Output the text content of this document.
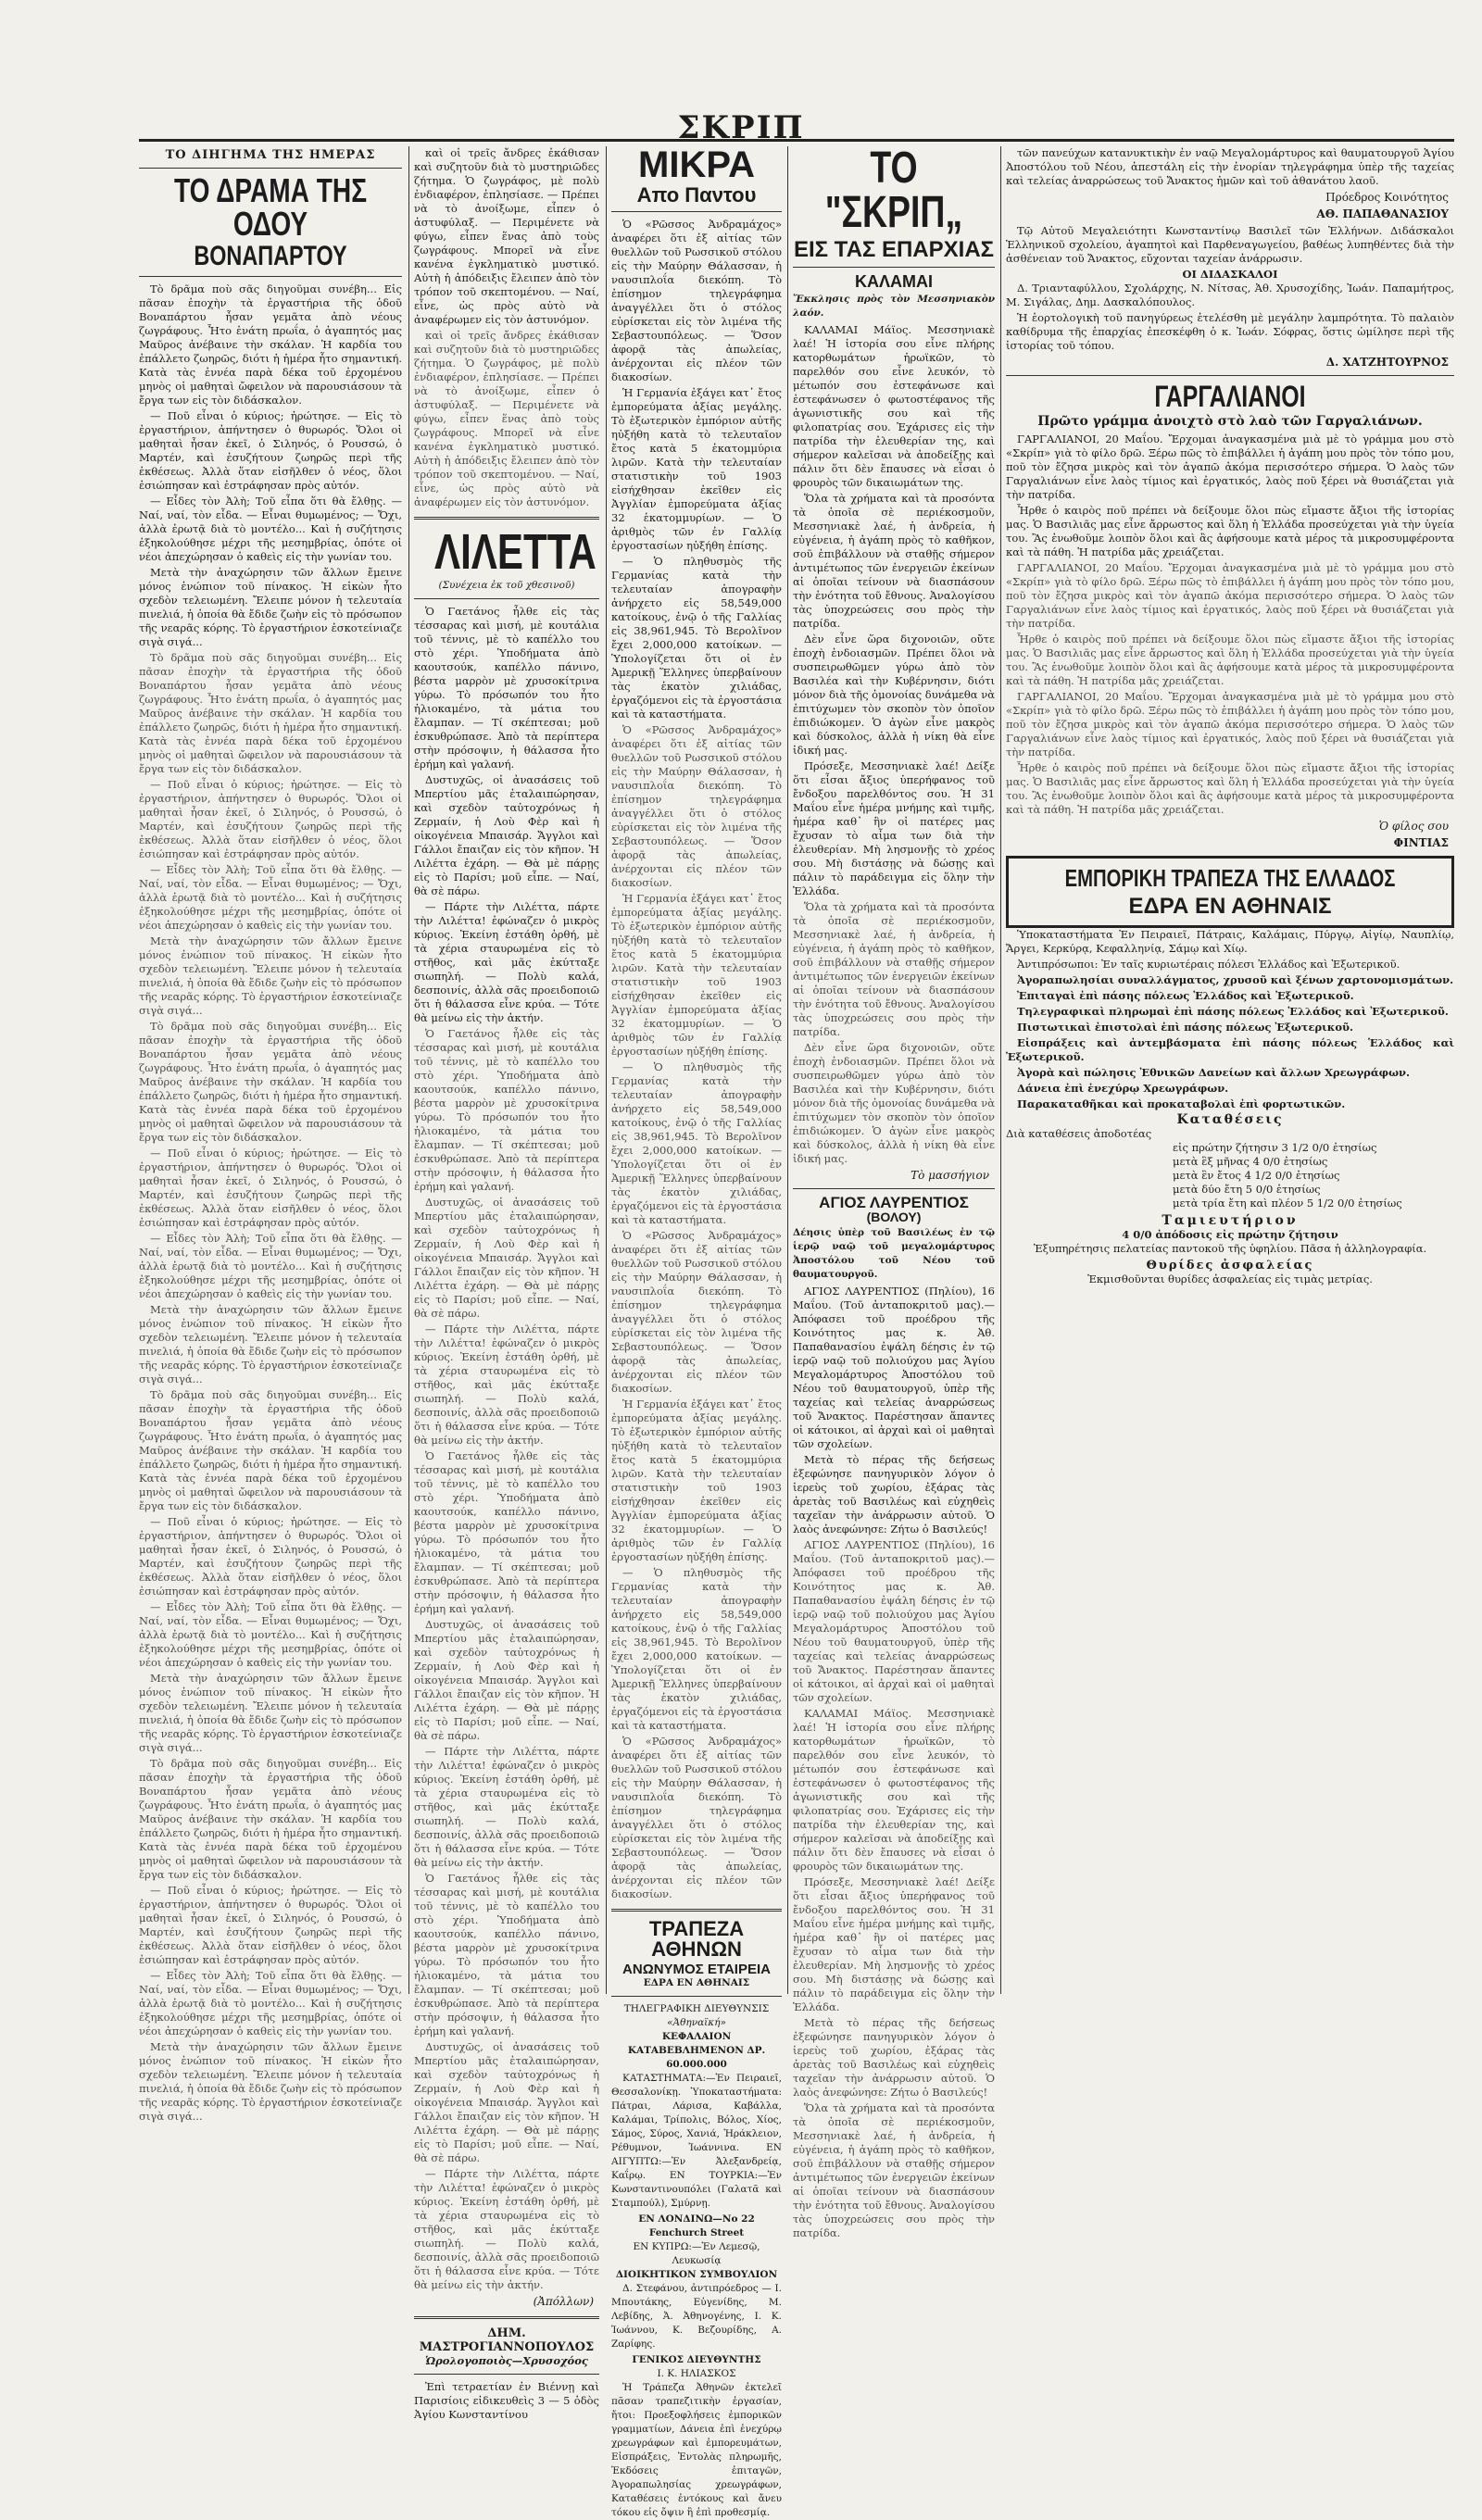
ΣΚΡΙΠ
ΤΟ ΔΙΗΓΗΜΑ ΤΗΣ ΗΜΕΡΑΣ
ΤΟ ΔΡΑΜΑ ΤΗΣ ΟΔΟΥ
ΒΟΝΑΠΑΡΤΟΥ

Τὸ δρᾶμα ποὺ σᾶς διηγοῦμαι συνέβη... Εἰς πᾶσαν ἐποχὴν τὰ ἐργαστήρια τῆς ὁδοῦ Βοναπάρτου ἦσαν γεμᾶτα ἀπὸ νέους ζωγράφους. Ἦτο ἑνάτη πρωΐα, ὁ ἀγαπητός μας Μαῦρος ἀνέβαινε τὴν σκάλαν. Ἡ καρδία του ἐπάλλετο ζωηρῶς, διότι ἡ ἡμέρα ἦτο σημαντική. Κατὰ τὰς ἐννέα παρὰ δέκα τοῦ ἐρχομένου μηνὸς οἱ μαθηταὶ ὤφειλον νὰ παρουσιάσουν τὰ ἔργα των εἰς τὸν διδάσκαλον.

— Ποῦ εἶναι ὁ κύριος; ἠρώτησε. — Εἰς τὸ ἐργαστήριον, ἀπήντησεν ὁ θυρωρός. Ὅλοι οἱ μαθηταὶ ἦσαν ἐκεῖ, ὁ Σιληνός, ὁ Ρουσσώ, ὁ Μαρτέν, καὶ ἐσυζήτουν ζωηρῶς περὶ τῆς ἐκθέσεως. Ἀλλὰ ὅταν εἰσῆλθεν ὁ νέος, ὅλοι ἐσιώπησαν καὶ ἐστράφησαν πρὸς αὐτόν.

— Εἶδες τὸν Ἀλὴ; Τοῦ εἶπα ὅτι θὰ ἔλθῃς. — Ναί, ναί, τὸν εἶδα. — Εἶναι θυμωμένος; — Ὄχι, ἀλλὰ ἐρωτᾷ διὰ τὸ μοντέλο... Καὶ ἡ συζήτησις ἐξηκολούθησε μέχρι τῆς μεσημβρίας, ὁπότε οἱ νέοι ἀπεχώρησαν ὁ καθεὶς εἰς τὴν γωνίαν του.

Μετὰ τὴν ἀναχώρησιν τῶν ἄλλων ἔμεινε μόνος ἐνώπιον τοῦ πίνακος. Ἡ εἰκὼν ἦτο σχεδὸν τελειωμένη. Ἔλειπε μόνον ἡ τελευταία πινελιά, ἡ ὁποία θὰ ἔδιδε ζωὴν εἰς τὸ πρόσωπον τῆς νεαρᾶς κόρης. Τὸ ἐργαστήριον ἐσκοτείνιαζε σιγὰ σιγά...

Τὸ δρᾶμα ποὺ σᾶς διηγοῦμαι συνέβη... Εἰς πᾶσαν ἐποχὴν τὰ ἐργαστήρια τῆς ὁδοῦ Βοναπάρτου ἦσαν γεμᾶτα ἀπὸ νέους ζωγράφους. Ἦτο ἑνάτη πρωΐα, ὁ ἀγαπητός μας Μαῦρος ἀνέβαινε τὴν σκάλαν. Ἡ καρδία του ἐπάλλετο ζωηρῶς, διότι ἡ ἡμέρα ἦτο σημαντική. Κατὰ τὰς ἐννέα παρὰ δέκα τοῦ ἐρχομένου μηνὸς οἱ μαθηταὶ ὤφειλον νὰ παρουσιάσουν τὰ ἔργα των εἰς τὸν διδάσκαλον.

— Ποῦ εἶναι ὁ κύριος; ἠρώτησε. — Εἰς τὸ ἐργαστήριον, ἀπήντησεν ὁ θυρωρός. Ὅλοι οἱ μαθηταὶ ἦσαν ἐκεῖ, ὁ Σιληνός, ὁ Ρουσσώ, ὁ Μαρτέν, καὶ ἐσυζήτουν ζωηρῶς περὶ τῆς ἐκθέσεως. Ἀλλὰ ὅταν εἰσῆλθεν ὁ νέος, ὅλοι ἐσιώπησαν καὶ ἐστράφησαν πρὸς αὐτόν.

— Εἶδες τὸν Ἀλὴ; Τοῦ εἶπα ὅτι θὰ ἔλθῃς. — Ναί, ναί, τὸν εἶδα. — Εἶναι θυμωμένος; — Ὄχι, ἀλλὰ ἐρωτᾷ διὰ τὸ μοντέλο... Καὶ ἡ συζήτησις ἐξηκολούθησε μέχρι τῆς μεσημβρίας, ὁπότε οἱ νέοι ἀπεχώρησαν ὁ καθεὶς εἰς τὴν γωνίαν του.

Μετὰ τὴν ἀναχώρησιν τῶν ἄλλων ἔμεινε μόνος ἐνώπιον τοῦ πίνακος. Ἡ εἰκὼν ἦτο σχεδὸν τελειωμένη. Ἔλειπε μόνον ἡ τελευταία πινελιά, ἡ ὁποία θὰ ἔδιδε ζωὴν εἰς τὸ πρόσωπον τῆς νεαρᾶς κόρης. Τὸ ἐργαστήριον ἐσκοτείνιαζε σιγὰ σιγά...

Τὸ δρᾶμα ποὺ σᾶς διηγοῦμαι συνέβη... Εἰς πᾶσαν ἐποχὴν τὰ ἐργαστήρια τῆς ὁδοῦ Βοναπάρτου ἦσαν γεμᾶτα ἀπὸ νέους ζωγράφους. Ἦτο ἑνάτη πρωΐα, ὁ ἀγαπητός μας Μαῦρος ἀνέβαινε τὴν σκάλαν. Ἡ καρδία του ἐπάλλετο ζωηρῶς, διότι ἡ ἡμέρα ἦτο σημαντική. Κατὰ τὰς ἐννέα παρὰ δέκα τοῦ ἐρχομένου μηνὸς οἱ μαθηταὶ ὤφειλον νὰ παρουσιάσουν τὰ ἔργα των εἰς τὸν διδάσκαλον.

— Ποῦ εἶναι ὁ κύριος; ἠρώτησε. — Εἰς τὸ ἐργαστήριον, ἀπήντησεν ὁ θυρωρός. Ὅλοι οἱ μαθηταὶ ἦσαν ἐκεῖ, ὁ Σιληνός, ὁ Ρουσσώ, ὁ Μαρτέν, καὶ ἐσυζήτουν ζωηρῶς περὶ τῆς ἐκθέσεως. Ἀλλὰ ὅταν εἰσῆλθεν ὁ νέος, ὅλοι ἐσιώπησαν καὶ ἐστράφησαν πρὸς αὐτόν.

— Εἶδες τὸν Ἀλὴ; Τοῦ εἶπα ὅτι θὰ ἔλθῃς. — Ναί, ναί, τὸν εἶδα. — Εἶναι θυμωμένος; — Ὄχι, ἀλλὰ ἐρωτᾷ διὰ τὸ μοντέλο... Καὶ ἡ συζήτησις ἐξηκολούθησε μέχρι τῆς μεσημβρίας, ὁπότε οἱ νέοι ἀπεχώρησαν ὁ καθεὶς εἰς τὴν γωνίαν του.

Μετὰ τὴν ἀναχώρησιν τῶν ἄλλων ἔμεινε μόνος ἐνώπιον τοῦ πίνακος. Ἡ εἰκὼν ἦτο σχεδὸν τελειωμένη. Ἔλειπε μόνον ἡ τελευταία πινελιά, ἡ ὁποία θὰ ἔδιδε ζωὴν εἰς τὸ πρόσωπον τῆς νεαρᾶς κόρης. Τὸ ἐργαστήριον ἐσκοτείνιαζε σιγὰ σιγά...

Τὸ δρᾶμα ποὺ σᾶς διηγοῦμαι συνέβη... Εἰς πᾶσαν ἐποχὴν τὰ ἐργαστήρια τῆς ὁδοῦ Βοναπάρτου ἦσαν γεμᾶτα ἀπὸ νέους ζωγράφους. Ἦτο ἑνάτη πρωΐα, ὁ ἀγαπητός μας Μαῦρος ἀνέβαινε τὴν σκάλαν. Ἡ καρδία του ἐπάλλετο ζωηρῶς, διότι ἡ ἡμέρα ἦτο σημαντική. Κατὰ τὰς ἐννέα παρὰ δέκα τοῦ ἐρχομένου μηνὸς οἱ μαθηταὶ ὤφειλον νὰ παρουσιάσουν τὰ ἔργα των εἰς τὸν διδάσκαλον.

— Ποῦ εἶναι ὁ κύριος; ἠρώτησε. — Εἰς τὸ ἐργαστήριον, ἀπήντησεν ὁ θυρωρός. Ὅλοι οἱ μαθηταὶ ἦσαν ἐκεῖ, ὁ Σιληνός, ὁ Ρουσσώ, ὁ Μαρτέν, καὶ ἐσυζήτουν ζωηρῶς περὶ τῆς ἐκθέσεως. Ἀλλὰ ὅταν εἰσῆλθεν ὁ νέος, ὅλοι ἐσιώπησαν καὶ ἐστράφησαν πρὸς αὐτόν.

— Εἶδες τὸν Ἀλὴ; Τοῦ εἶπα ὅτι θὰ ἔλθῃς. — Ναί, ναί, τὸν εἶδα. — Εἶναι θυμωμένος; — Ὄχι, ἀλλὰ ἐρωτᾷ διὰ τὸ μοντέλο... Καὶ ἡ συζήτησις ἐξηκολούθησε μέχρι τῆς μεσημβρίας, ὁπότε οἱ νέοι ἀπεχώρησαν ὁ καθεὶς εἰς τὴν γωνίαν του.

Μετὰ τὴν ἀναχώρησιν τῶν ἄλλων ἔμεινε μόνος ἐνώπιον τοῦ πίνακος. Ἡ εἰκὼν ἦτο σχεδὸν τελειωμένη. Ἔλειπε μόνον ἡ τελευταία πινελιά, ἡ ὁποία θὰ ἔδιδε ζωὴν εἰς τὸ πρόσωπον τῆς νεαρᾶς κόρης. Τὸ ἐργαστήριον ἐσκοτείνιαζε σιγὰ σιγά...

Τὸ δρᾶμα ποὺ σᾶς διηγοῦμαι συνέβη... Εἰς πᾶσαν ἐποχὴν τὰ ἐργαστήρια τῆς ὁδοῦ Βοναπάρτου ἦσαν γεμᾶτα ἀπὸ νέους ζωγράφους. Ἦτο ἑνάτη πρωΐα, ὁ ἀγαπητός μας Μαῦρος ἀνέβαινε τὴν σκάλαν. Ἡ καρδία του ἐπάλλετο ζωηρῶς, διότι ἡ ἡμέρα ἦτο σημαντική. Κατὰ τὰς ἐννέα παρὰ δέκα τοῦ ἐρχομένου μηνὸς οἱ μαθηταὶ ὤφειλον νὰ παρουσιάσουν τὰ ἔργα των εἰς τὸν διδάσκαλον.

— Ποῦ εἶναι ὁ κύριος; ἠρώτησε. — Εἰς τὸ ἐργαστήριον, ἀπήντησεν ὁ θυρωρός. Ὅλοι οἱ μαθηταὶ ἦσαν ἐκεῖ, ὁ Σιληνός, ὁ Ρουσσώ, ὁ Μαρτέν, καὶ ἐσυζήτουν ζωηρῶς περὶ τῆς ἐκθέσεως. Ἀλλὰ ὅταν εἰσῆλθεν ὁ νέος, ὅλοι ἐσιώπησαν καὶ ἐστράφησαν πρὸς αὐτόν.

— Εἶδες τὸν Ἀλὴ; Τοῦ εἶπα ὅτι θὰ ἔλθῃς. — Ναί, ναί, τὸν εἶδα. — Εἶναι θυμωμένος; — Ὄχι, ἀλλὰ ἐρωτᾷ διὰ τὸ μοντέλο... Καὶ ἡ συζήτησις ἐξηκολούθησε μέχρι τῆς μεσημβρίας, ὁπότε οἱ νέοι ἀπεχώρησαν ὁ καθεὶς εἰς τὴν γωνίαν του.

Μετὰ τὴν ἀναχώρησιν τῶν ἄλλων ἔμεινε μόνος ἐνώπιον τοῦ πίνακος. Ἡ εἰκὼν ἦτο σχεδὸν τελειωμένη. Ἔλειπε μόνον ἡ τελευταία πινελιά, ἡ ὁποία θὰ ἔδιδε ζωὴν εἰς τὸ πρόσωπον τῆς νεαρᾶς κόρης. Τὸ ἐργαστήριον ἐσκοτείνιαζε σιγὰ σιγά...

καὶ οἱ τρεῖς ἄνδρες ἐκάθισαν καὶ συζητοῦν διὰ τὸ μυστηριῶδες ζήτημα. Ὁ ζωγράφος, μὲ πολὺ ἐνδιαφέρον, ἐπλησίασε. — Πρέπει νὰ τὸ ἀνοίξωμε, εἶπεν ὁ ἀστυφύλαξ. — Περιμένετε νὰ φύγω, εἶπεν ἕνας ἀπὸ τοὺς ζωγράφους. Μπορεῖ νὰ εἶνε κανένα ἐγκληματικὸ μυστικό. Αὐτὴ ἡ ἀπόδειξις ἔλειπεν ἀπὸ τὸν τρόπον τοῦ σκεπτομένου. — Ναί, εἶνε, ὡς πρὸς αὐτὸ νὰ ἀναφέρωμεν εἰς τὸν ἀστυνόμον.

καὶ οἱ τρεῖς ἄνδρες ἐκάθισαν καὶ συζητοῦν διὰ τὸ μυστηριῶδες ζήτημα. Ὁ ζωγράφος, μὲ πολὺ ἐνδιαφέρον, ἐπλησίασε. — Πρέπει νὰ τὸ ἀνοίξωμε, εἶπεν ὁ ἀστυφύλαξ. — Περιμένετε νὰ φύγω, εἶπεν ἕνας ἀπὸ τοὺς ζωγράφους. Μπορεῖ νὰ εἶνε κανένα ἐγκληματικὸ μυστικό. Αὐτὴ ἡ ἀπόδειξις ἔλειπεν ἀπὸ τὸν τρόπον τοῦ σκεπτομένου. — Ναί, εἶνε, ὡς πρὸς αὐτὸ νὰ ἀναφέρωμεν εἰς τὸν ἀστυνόμον.

ΛΙΛΕΤΤΑ
(Συνέχεια ἐκ τοῦ χθεσινοῦ)

Ὁ Γαετάνος ἦλθε εἰς τὰς τέσσαρας καὶ μισή, μὲ κουτάλια τοῦ τέννις, μὲ τὸ καπέλλο του στὸ χέρι. Ὑποδήματα ἀπὸ καουτσούκ, καπέλλο πάνινο, βέστα μαρρὸν μὲ χρυσοκίτρινα γύρω. Τὸ πρόσωπόν του ἦτο ἡλιοκαμένο, τὰ μάτια του ἔλαμπαν. — Τί σκέπτεσαι; μοῦ ἐσκυθρώπασε. Ἀπὸ τὰ περίπτερα στὴν πρόσοψιν, ἡ θάλασσα ἦτο ἐρήμη καὶ γαλανή.

Δυστυχῶς, οἱ ἀνασάσεις τοῦ Μπερτίου μᾶς ἐταλαιπώρησαν, καὶ σχεδὸν ταὐτοχρόνως ἡ Ζερμαίν, ἡ Λοὺ Φὲρ καὶ ἡ οἰκογένεια Μπαισάρ. Ἄγγλοι καὶ Γάλλοι ἔπαιζαν εἰς τὸν κῆπον. Ἡ Λιλέττα ἐχάρη. — Θὰ μὲ πάρῃς εἰς τὸ Παρίσι; μοῦ εἶπε. — Ναί, θὰ σὲ πάρω.

— Πάρτε τὴν Λιλέττα, πάρτε τὴν Λιλέττα! ἐφώναζεν ὁ μικρὸς κύριος. Ἐκείνη ἐστάθη ὀρθή, μὲ τὰ χέρια σταυρωμένα εἰς τὸ στῆθος, καὶ μᾶς ἐκύτταξε σιωπηλή. — Πολὺ καλά, δεσποινίς, ἀλλὰ σᾶς προειδοποιῶ ὅτι ἡ θάλασσα εἶνε κρύα. — Τότε θὰ μείνω εἰς τὴν ἀκτήν.

Ὁ Γαετάνος ἦλθε εἰς τὰς τέσσαρας καὶ μισή, μὲ κουτάλια τοῦ τέννις, μὲ τὸ καπέλλο του στὸ χέρι. Ὑποδήματα ἀπὸ καουτσούκ, καπέλλο πάνινο, βέστα μαρρὸν μὲ χρυσοκίτρινα γύρω. Τὸ πρόσωπόν του ἦτο ἡλιοκαμένο, τὰ μάτια του ἔλαμπαν. — Τί σκέπτεσαι; μοῦ ἐσκυθρώπασε. Ἀπὸ τὰ περίπτερα στὴν πρόσοψιν, ἡ θάλασσα ἦτο ἐρήμη καὶ γαλανή.

Δυστυχῶς, οἱ ἀνασάσεις τοῦ Μπερτίου μᾶς ἐταλαιπώρησαν, καὶ σχεδὸν ταὐτοχρόνως ἡ Ζερμαίν, ἡ Λοὺ Φὲρ καὶ ἡ οἰκογένεια Μπαισάρ. Ἄγγλοι καὶ Γάλλοι ἔπαιζαν εἰς τὸν κῆπον. Ἡ Λιλέττα ἐχάρη. — Θὰ μὲ πάρῃς εἰς τὸ Παρίσι; μοῦ εἶπε. — Ναί, θὰ σὲ πάρω.

— Πάρτε τὴν Λιλέττα, πάρτε τὴν Λιλέττα! ἐφώναζεν ὁ μικρὸς κύριος. Ἐκείνη ἐστάθη ὀρθή, μὲ τὰ χέρια σταυρωμένα εἰς τὸ στῆθος, καὶ μᾶς ἐκύτταξε σιωπηλή. — Πολὺ καλά, δεσποινίς, ἀλλὰ σᾶς προειδοποιῶ ὅτι ἡ θάλασσα εἶνε κρύα. — Τότε θὰ μείνω εἰς τὴν ἀκτήν.

Ὁ Γαετάνος ἦλθε εἰς τὰς τέσσαρας καὶ μισή, μὲ κουτάλια τοῦ τέννις, μὲ τὸ καπέλλο του στὸ χέρι. Ὑποδήματα ἀπὸ καουτσούκ, καπέλλο πάνινο, βέστα μαρρὸν μὲ χρυσοκίτρινα γύρω. Τὸ πρόσωπόν του ἦτο ἡλιοκαμένο, τὰ μάτια του ἔλαμπαν. — Τί σκέπτεσαι; μοῦ ἐσκυθρώπασε. Ἀπὸ τὰ περίπτερα στὴν πρόσοψιν, ἡ θάλασσα ἦτο ἐρήμη καὶ γαλανή.

Δυστυχῶς, οἱ ἀνασάσεις τοῦ Μπερτίου μᾶς ἐταλαιπώρησαν, καὶ σχεδὸν ταὐτοχρόνως ἡ Ζερμαίν, ἡ Λοὺ Φὲρ καὶ ἡ οἰκογένεια Μπαισάρ. Ἄγγλοι καὶ Γάλλοι ἔπαιζαν εἰς τὸν κῆπον. Ἡ Λιλέττα ἐχάρη. — Θὰ μὲ πάρῃς εἰς τὸ Παρίσι; μοῦ εἶπε. — Ναί, θὰ σὲ πάρω.

— Πάρτε τὴν Λιλέττα, πάρτε τὴν Λιλέττα! ἐφώναζεν ὁ μικρὸς κύριος. Ἐκείνη ἐστάθη ὀρθή, μὲ τὰ χέρια σταυρωμένα εἰς τὸ στῆθος, καὶ μᾶς ἐκύτταξε σιωπηλή. — Πολὺ καλά, δεσποινίς, ἀλλὰ σᾶς προειδοποιῶ ὅτι ἡ θάλασσα εἶνε κρύα. — Τότε θὰ μείνω εἰς τὴν ἀκτήν.

Ὁ Γαετάνος ἦλθε εἰς τὰς τέσσαρας καὶ μισή, μὲ κουτάλια τοῦ τέννις, μὲ τὸ καπέλλο του στὸ χέρι. Ὑποδήματα ἀπὸ καουτσούκ, καπέλλο πάνινο, βέστα μαρρὸν μὲ χρυσοκίτρινα γύρω. Τὸ πρόσωπόν του ἦτο ἡλιοκαμένο, τὰ μάτια του ἔλαμπαν. — Τί σκέπτεσαι; μοῦ ἐσκυθρώπασε. Ἀπὸ τὰ περίπτερα στὴν πρόσοψιν, ἡ θάλασσα ἦτο ἐρήμη καὶ γαλανή.

Δυστυχῶς, οἱ ἀνασάσεις τοῦ Μπερτίου μᾶς ἐταλαιπώρησαν, καὶ σχεδὸν ταὐτοχρόνως ἡ Ζερμαίν, ἡ Λοὺ Φὲρ καὶ ἡ οἰκογένεια Μπαισάρ. Ἄγγλοι καὶ Γάλλοι ἔπαιζαν εἰς τὸν κῆπον. Ἡ Λιλέττα ἐχάρη. — Θὰ μὲ πάρῃς εἰς τὸ Παρίσι; μοῦ εἶπε. — Ναί, θὰ σὲ πάρω.

— Πάρτε τὴν Λιλέττα, πάρτε τὴν Λιλέττα! ἐφώναζεν ὁ μικρὸς κύριος. Ἐκείνη ἐστάθη ὀρθή, μὲ τὰ χέρια σταυρωμένα εἰς τὸ στῆθος, καὶ μᾶς ἐκύτταξε σιωπηλή. — Πολὺ καλά, δεσποινίς, ἀλλὰ σᾶς προειδοποιῶ ὅτι ἡ θάλασσα εἶνε κρύα. — Τότε θὰ μείνω εἰς τὴν ἀκτήν.

(Ἀπόλλων)
ΔΗΜ. ΜΑΣΤΡΟΓΙΑΝΝΟΠΟΥΛΟΣ
Ὡρολογοποιὸς—Χρυσοχόος

Ἐπὶ τετραετίαν ἐν Βιέννῃ καὶ Παρισίοις εἰδικευθεὶς 3 — 5 ὁδὸς Ἀγίου Κωνσταντίνου

ΜΙΚΡΑ
Απο Παντου

Ὁ «Ρῶσσος Ἀνδραμάχος» ἀναφέρει ὅτι ἐξ αἰτίας τῶν θυελλῶν τοῦ Ρωσσικοῦ στόλου εἰς τὴν Μαύρην Θάλασσαν, ἡ ναυσιπλοΐα διεκόπη. Τὸ ἐπίσημον τηλεγράφημα ἀναγγέλλει ὅτι ὁ στόλος εὑρίσκεται εἰς τὸν λιμένα τῆς Σεβαστουπόλεως. — Ὅσον ἀφορᾷ τὰς ἀπωλείας, ἀνέρχονται εἰς πλέον τῶν διακοσίων.

Ἡ Γερμανία ἐξάγει κατ᾽ ἔτος ἐμπορεύματα ἀξίας μεγάλης. Τὸ ἐξωτερικὸν ἐμπόριον αὐτῆς ηὐξήθη κατὰ τὸ τελευταῖον ἔτος κατὰ 5 ἑκατομμύρια λιρῶν. Κατὰ τὴν τελευταίαν στατιστικὴν τοῦ 1903 εἰσήχθησαν ἐκεῖθεν εἰς Ἀγγλίαν ἐμπορεύματα ἀξίας 32 ἑκατομμυρίων. — Ὁ ἀριθμὸς τῶν ἐν Γαλλίᾳ ἐργοστασίων ηὐξήθη ἐπίσης.

— Ὁ πληθυσμὸς τῆς Γερμανίας κατὰ τὴν τελευταίαν ἀπογραφὴν ἀνήρχετο εἰς 58,549,000 κατοίκους, ἐνῷ ὁ τῆς Γαλλίας εἰς 38,961,945. Τὸ Βερολῖνον ἔχει 2,000,000 κατοίκων. — Ὑπολογίζεται ὅτι οἱ ἐν Ἀμερικῇ Ἕλληνες ὑπερβαίνουν τὰς ἑκατὸν χιλιάδας, ἐργαζόμενοι εἰς τὰ ἐργοστάσια καὶ τὰ καταστήματα.

Ὁ «Ρῶσσος Ἀνδραμάχος» ἀναφέρει ὅτι ἐξ αἰτίας τῶν θυελλῶν τοῦ Ρωσσικοῦ στόλου εἰς τὴν Μαύρην Θάλασσαν, ἡ ναυσιπλοΐα διεκόπη. Τὸ ἐπίσημον τηλεγράφημα ἀναγγέλλει ὅτι ὁ στόλος εὑρίσκεται εἰς τὸν λιμένα τῆς Σεβαστουπόλεως. — Ὅσον ἀφορᾷ τὰς ἀπωλείας, ἀνέρχονται εἰς πλέον τῶν διακοσίων.

Ἡ Γερμανία ἐξάγει κατ᾽ ἔτος ἐμπορεύματα ἀξίας μεγάλης. Τὸ ἐξωτερικὸν ἐμπόριον αὐτῆς ηὐξήθη κατὰ τὸ τελευταῖον ἔτος κατὰ 5 ἑκατομμύρια λιρῶν. Κατὰ τὴν τελευταίαν στατιστικὴν τοῦ 1903 εἰσήχθησαν ἐκεῖθεν εἰς Ἀγγλίαν ἐμπορεύματα ἀξίας 32 ἑκατομμυρίων. — Ὁ ἀριθμὸς τῶν ἐν Γαλλίᾳ ἐργοστασίων ηὐξήθη ἐπίσης.

— Ὁ πληθυσμὸς τῆς Γερμανίας κατὰ τὴν τελευταίαν ἀπογραφὴν ἀνήρχετο εἰς 58,549,000 κατοίκους, ἐνῷ ὁ τῆς Γαλλίας εἰς 38,961,945. Τὸ Βερολῖνον ἔχει 2,000,000 κατοίκων. — Ὑπολογίζεται ὅτι οἱ ἐν Ἀμερικῇ Ἕλληνες ὑπερβαίνουν τὰς ἑκατὸν χιλιάδας, ἐργαζόμενοι εἰς τὰ ἐργοστάσια καὶ τὰ καταστήματα.

Ὁ «Ρῶσσος Ἀνδραμάχος» ἀναφέρει ὅτι ἐξ αἰτίας τῶν θυελλῶν τοῦ Ρωσσικοῦ στόλου εἰς τὴν Μαύρην Θάλασσαν, ἡ ναυσιπλοΐα διεκόπη. Τὸ ἐπίσημον τηλεγράφημα ἀναγγέλλει ὅτι ὁ στόλος εὑρίσκεται εἰς τὸν λιμένα τῆς Σεβαστουπόλεως. — Ὅσον ἀφορᾷ τὰς ἀπωλείας, ἀνέρχονται εἰς πλέον τῶν διακοσίων.

Ἡ Γερμανία ἐξάγει κατ᾽ ἔτος ἐμπορεύματα ἀξίας μεγάλης. Τὸ ἐξωτερικὸν ἐμπόριον αὐτῆς ηὐξήθη κατὰ τὸ τελευταῖον ἔτος κατὰ 5 ἑκατομμύρια λιρῶν. Κατὰ τὴν τελευταίαν στατιστικὴν τοῦ 1903 εἰσήχθησαν ἐκεῖθεν εἰς Ἀγγλίαν ἐμπορεύματα ἀξίας 32 ἑκατομμυρίων. — Ὁ ἀριθμὸς τῶν ἐν Γαλλίᾳ ἐργοστασίων ηὐξήθη ἐπίσης.

— Ὁ πληθυσμὸς τῆς Γερμανίας κατὰ τὴν τελευταίαν ἀπογραφὴν ἀνήρχετο εἰς 58,549,000 κατοίκους, ἐνῷ ὁ τῆς Γαλλίας εἰς 38,961,945. Τὸ Βερολῖνον ἔχει 2,000,000 κατοίκων. — Ὑπολογίζεται ὅτι οἱ ἐν Ἀμερικῇ Ἕλληνες ὑπερβαίνουν τὰς ἑκατὸν χιλιάδας, ἐργαζόμενοι εἰς τὰ ἐργοστάσια καὶ τὰ καταστήματα.

Ὁ «Ρῶσσος Ἀνδραμάχος» ἀναφέρει ὅτι ἐξ αἰτίας τῶν θυελλῶν τοῦ Ρωσσικοῦ στόλου εἰς τὴν Μαύρην Θάλασσαν, ἡ ναυσιπλοΐα διεκόπη. Τὸ ἐπίσημον τηλεγράφημα ἀναγγέλλει ὅτι ὁ στόλος εὑρίσκεται εἰς τὸν λιμένα τῆς Σεβαστουπόλεως. — Ὅσον ἀφορᾷ τὰς ἀπωλείας, ἀνέρχονται εἰς πλέον τῶν διακοσίων.

ΤΡΑΠΕΖΑ ΑΘΗΝΩΝ
ΑΝΩΝΥΜΟΣ ΕΤΑΙΡΕΙΑ
ΕΔΡΑ ΕΝ ΑΘΗΝΑΙΣ
ΤΗΛΕΓΡΑΦΙΚΗ ΔΙΕΥΘΥΝΣΙΣ
«Ἀθηναϊκή»
ΚΕΦΑΛΑΙΟΝ ΚΑΤΑΒΕΒΛΗΜΕΝΟΝ ΔΡ. 60.000.000

ΚΑΤΑΣΤΗΜΑΤΑ:—Ἐν Πειραιεῖ, Θεσσαλονίκῃ. Ὑποκαταστήματα: Πάτραι, Λάρισα, Καβάλλα, Καλάμαι, Τρίπολις, Βόλος, Χίος, Σάμος, Σύρος, Χανιά, Ἡράκλειον, Ρέθυμνον, Ἰωάννινα. ΕΝ ΑΙΓΥΠΤΩ:—Ἐν Ἀλεξανδρείᾳ, Καΐρῳ. ΕΝ ΤΟΥΡΚΙΑ:—Ἐν Κωνσταντινουπόλει (Γαλατᾶ καὶ Σταμπούλ), Σμύρνῃ.

ΕΝ ΛΟΝΔΙΝΩ—No 22 Fenchurch Street
ΕΝ ΚΥΠΡΩ:—Ἐν Λεμεσῷ, Λευκωσίᾳ
ΔΙΟΙΚΗΤΙΚΟΝ ΣΥΜΒΟΥΛΙΟΝ

Δ. Στεφάνου, ἀντιπρόεδρος — Ι. Μπουτάκης, Εὐγενίδης, Μ. Λεβίδης, Ἀ. Ἀθηνογένης, Ι. Κ. Ἰωάννου, Κ. Βεζουρίδης, Α. Ζαρίφης.

ΓΕΝΙΚΟΣ ΔΙΕΥΘΥΝΤΗΣ
Ι. Κ. ΗΛΙΑΣΚΟΣ

Ἡ Τράπεζα Ἀθηνῶν ἐκτελεῖ πᾶσαν τραπεζιτικὴν ἐργασίαν, ἤτοι: Προεξοφλήσεις ἐμπορικῶν γραμματίων, Δάνεια ἐπὶ ἐνεχύρῳ χρεωγράφων καὶ ἐμπορευμάτων, Εἰσπράξεις, Ἐντολὰς πληρωμῆς, Ἐκδόσεις ἐπιταγῶν, Ἀγοραπωλησίας χρεωγράφων, Καταθέσεις ἐντόκους καὶ ἄνευ τόκου εἰς ὄψιν ἢ ἐπὶ προθεσμίᾳ.

ΤΟ "ΣΚΡΙΠ„
ΕΙΣ ΤΑΣ ΕΠΑΡΧΙΑΣ
ΚΑΛΑΜΑΙ
Ἔκκλησις πρὸς τὸν Μεσσηνιακὸν λαόν.

ΚΑΛΑΜΑΙ Μάϊος. Μεσσηνιακὲ λαέ! Ἡ ἱστορία σου εἶνε πλήρης κατορθωμάτων ἡρωϊκῶν, τὸ παρελθόν σου εἶνε λευκόν, τὸ μέτωπόν σου ἐστεφάνωσε καὶ ἐστεφάνωσεν ὁ φωτοστέφανος τῆς ἀγωνιστικῆς σου καὶ τῆς φιλοπατρίας σου. Ἐχάρισες εἰς τὴν πατρίδα τὴν ἐλευθερίαν της, καὶ σήμερον καλεῖσαι νὰ ἀποδείξῃς καὶ πάλιν ὅτι δὲν ἔπαυσες νὰ εἶσαι ὁ φρουρὸς τῶν δικαιωμάτων της.

Ὅλα τὰ χρήματα καὶ τὰ προσόντα τὰ ὁποῖα σὲ περιέκοσμοῦν, Μεσσηνιακὲ λαέ, ἡ ἀνδρεία, ἡ εὐγένεια, ἡ ἀγάπη πρὸς τὸ καθῆκον, σοῦ ἐπιβάλλουν νὰ σταθῇς σήμερον ἀντιμέτωπος τῶν ἐνεργειῶν ἐκείνων αἱ ὁποῖαι τείνουν νὰ διασπάσουν τὴν ἑνότητα τοῦ ἔθνους. Ἀναλογίσου τὰς ὑποχρεώσεις σου πρὸς τὴν πατρίδα.

Δὲν εἶνε ὥρα διχονοιῶν, οὔτε ἐποχὴ ἐνδοιασμῶν. Πρέπει ὅλοι νὰ συσπειρωθῶμεν γύρω ἀπὸ τὸν Βασιλέα καὶ τὴν Κυβέρνησιν, διότι μόνον διὰ τῆς ὁμονοίας δυνάμεθα νὰ ἐπιτύχωμεν τὸν σκοπὸν τὸν ὁποῖον ἐπιδιώκομεν. Ὁ ἀγὼν εἶνε μακρὸς καὶ δύσκολος, ἀλλὰ ἡ νίκη θὰ εἶνε ἰδική μας.

Πρόσεξε, Μεσσηνιακὲ λαέ! Δείξε ὅτι εἶσαι ἄξιος ὑπερήφανος τοῦ ἔνδοξου παρελθόντος σου. Ἡ 31 Μαΐου εἶνε ἡμέρα μνήμης καὶ τιμῆς, ἡμέρα καθ᾽ ἣν οἱ πατέρες μας ἔχυσαν τὸ αἷμα των διὰ τὴν ἐλευθερίαν. Μὴ λησμονῇς τὸ χρέος σου. Μὴ διστάσῃς νὰ δώσῃς καὶ πάλιν τὸ παράδειγμα εἰς ὅλην τὴν Ἑλλάδα.

Ὅλα τὰ χρήματα καὶ τὰ προσόντα τὰ ὁποῖα σὲ περιέκοσμοῦν, Μεσσηνιακὲ λαέ, ἡ ἀνδρεία, ἡ εὐγένεια, ἡ ἀγάπη πρὸς τὸ καθῆκον, σοῦ ἐπιβάλλουν νὰ σταθῇς σήμερον ἀντιμέτωπος τῶν ἐνεργειῶν ἐκείνων αἱ ὁποῖαι τείνουν νὰ διασπάσουν τὴν ἑνότητα τοῦ ἔθνους. Ἀναλογίσου τὰς ὑποχρεώσεις σου πρὸς τὴν πατρίδα.

Δὲν εἶνε ὥρα διχονοιῶν, οὔτε ἐποχὴ ἐνδοιασμῶν. Πρέπει ὅλοι νὰ συσπειρωθῶμεν γύρω ἀπὸ τὸν Βασιλέα καὶ τὴν Κυβέρνησιν, διότι μόνον διὰ τῆς ὁμονοίας δυνάμεθα νὰ ἐπιτύχωμεν τὸν σκοπὸν τὸν ὁποῖον ἐπιδιώκομεν. Ὁ ἀγὼν εἶνε μακρὸς καὶ δύσκολος, ἀλλὰ ἡ νίκη θὰ εἶνε ἰδική μας.

Τὸ μασσήγιον
ΑΓΙΟΣ ΛΑΥΡΕΝΤΙΟΣ
(ΒΟΛΟΥ)
Δέησις ὑπὲρ τοῦ Βασιλέως ἐν τῷ ἱερῷ ναῷ τοῦ μεγαλομάρτυρος Ἀποστόλου τοῦ Νέου τοῦ θαυματουργοῦ.

ΑΓΙΟΣ ΛΑΥΡΕΝΤΙΟΣ (Πηλίου), 16 Μαΐου. (Τοῦ ἀνταποκριτοῦ μας).— Ἀπόφασει τοῦ προέδρου τῆς Κοινότητος μας κ. Ἀθ. Παπαθανασίου ἐψάλη δέησις ἐν τῷ ἱερῷ ναῷ τοῦ πολιούχου μας Ἁγίου Μεγαλομάρτυρος Ἀποστόλου τοῦ Νέου τοῦ θαυματουργοῦ, ὑπὲρ τῆς ταχείας καὶ τελείας ἀναρρώσεως τοῦ Ἄνακτος. Παρέστησαν ἅπαντες οἱ κάτοικοι, αἱ ἀρχαὶ καὶ οἱ μαθηταὶ τῶν σχολείων.

Μετὰ τὸ πέρας τῆς δεήσεως ἐξεφώνησε πανηγυρικὸν λόγον ὁ ἱερεὺς τοῦ χωρίου, ἐξάρας τὰς ἀρετὰς τοῦ Βασιλέως καὶ εὐχηθεὶς ταχεῖαν τὴν ἀνάρρωσιν αὐτοῦ. Ὁ λαὸς ἀνεφώνησε: Ζήτω ὁ Βασιλεύς!

ΑΓΙΟΣ ΛΑΥΡΕΝΤΙΟΣ (Πηλίου), 16 Μαΐου. (Τοῦ ἀνταποκριτοῦ μας).— Ἀπόφασει τοῦ προέδρου τῆς Κοινότητος μας κ. Ἀθ. Παπαθανασίου ἐψάλη δέησις ἐν τῷ ἱερῷ ναῷ τοῦ πολιούχου μας Ἁγίου Μεγαλομάρτυρος Ἀποστόλου τοῦ Νέου τοῦ θαυματουργοῦ, ὑπὲρ τῆς ταχείας καὶ τελείας ἀναρρώσεως τοῦ Ἄνακτος. Παρέστησαν ἅπαντες οἱ κάτοικοι, αἱ ἀρχαὶ καὶ οἱ μαθηταὶ τῶν σχολείων.

ΚΑΛΑΜΑΙ Μάϊος. Μεσσηνιακὲ λαέ! Ἡ ἱστορία σου εἶνε πλήρης κατορθωμάτων ἡρωϊκῶν, τὸ παρελθόν σου εἶνε λευκόν, τὸ μέτωπόν σου ἐστεφάνωσε καὶ ἐστεφάνωσεν ὁ φωτοστέφανος τῆς ἀγωνιστικῆς σου καὶ τῆς φιλοπατρίας σου. Ἐχάρισες εἰς τὴν πατρίδα τὴν ἐλευθερίαν της, καὶ σήμερον καλεῖσαι νὰ ἀποδείξῃς καὶ πάλιν ὅτι δὲν ἔπαυσες νὰ εἶσαι ὁ φρουρὸς τῶν δικαιωμάτων της.

Πρόσεξε, Μεσσηνιακὲ λαέ! Δείξε ὅτι εἶσαι ἄξιος ὑπερήφανος τοῦ ἔνδοξου παρελθόντος σου. Ἡ 31 Μαΐου εἶνε ἡμέρα μνήμης καὶ τιμῆς, ἡμέρα καθ᾽ ἣν οἱ πατέρες μας ἔχυσαν τὸ αἷμα των διὰ τὴν ἐλευθερίαν. Μὴ λησμονῇς τὸ χρέος σου. Μὴ διστάσῃς νὰ δώσῃς καὶ πάλιν τὸ παράδειγμα εἰς ὅλην τὴν Ἑλλάδα.

Μετὰ τὸ πέρας τῆς δεήσεως ἐξεφώνησε πανηγυρικὸν λόγον ὁ ἱερεὺς τοῦ χωρίου, ἐξάρας τὰς ἀρετὰς τοῦ Βασιλέως καὶ εὐχηθεὶς ταχεῖαν τὴν ἀνάρρωσιν αὐτοῦ. Ὁ λαὸς ἀνεφώνησε: Ζήτω ὁ Βασιλεύς!

Ὅλα τὰ χρήματα καὶ τὰ προσόντα τὰ ὁποῖα σὲ περιέκοσμοῦν, Μεσσηνιακὲ λαέ, ἡ ἀνδρεία, ἡ εὐγένεια, ἡ ἀγάπη πρὸς τὸ καθῆκον, σοῦ ἐπιβάλλουν νὰ σταθῇς σήμερον ἀντιμέτωπος τῶν ἐνεργειῶν ἐκείνων αἱ ὁποῖαι τείνουν νὰ διασπάσουν τὴν ἑνότητα τοῦ ἔθνους. Ἀναλογίσου τὰς ὑποχρεώσεις σου πρὸς τὴν πατρίδα.

τῶν πανεύχων κατανυκτικὴν ἐν ναῷ Μεγαλομάρτυρος καὶ θαυματουργοῦ Ἁγίου Ἀποστόλου τοῦ Νέου, ἀπεστάλη εἰς τὴν ἐνορίαν τηλεγράφημα ὑπὲρ τῆς ταχείας καὶ τελείας ἀναρρώσεως τοῦ Ἄνακτος ἡμῶν καὶ τοῦ ἀθανάτου λαοῦ.

Πρόεδρος Κοινότητος
ΑΘ. ΠΑΠΑΘΑΝΑΣΙΟΥ

Τῷ Αὐτοῦ Μεγαλειότητι Κωνσταντίνῳ Βασιλεῖ τῶν Ἑλλήνων. Διδάσκαλοι Ἑλληνικοῦ σχολείου, ἀγαπητοὶ καὶ Παρθεναγωγείου, βαθέως λυπηθέντες διὰ τὴν ἀσθένειαν τοῦ Ἄνακτος, εὔχονται ταχείαν ἀνάρρωσιν.

ΟΙ ΔΙΔΑΣΚΑΛΟΙ

Δ. Τριανταφύλλου, Σχολάρχης, Ν. Νίτσας, Ἀθ. Χρυσοχίδης, Ἰωάν. Παπαμήτρος, Μ. Σιγάλας, Δημ. Δασκαλόπουλος.

Ἡ ἑορτολογικὴ τοῦ πανηγύρεως ἐτελέσθη μὲ μεγάλην λαμπρότητα. Τὸ παλαιὸν καθίδρυμα τῆς ἐπαρχίας ἐπεσκέφθη ὁ κ. Ἰωάν. Σόφρας, ὅστις ὡμίλησε περὶ τῆς ἱστορίας τοῦ τόπου.

Δ. ΧΑΤΖΗΤΟΥΡΝΟΣ
ΓΑΡΓΑΛΙΑΝΟΙ
Πρῶτο γράμμα ἀνοιχτὸ στὸ λαὸ τῶν Γαργαλιάνων.

ΓΑΡΓΑΛΙΑΝΟΙ, 20 Μαΐου. Ἔρχομαι ἀναγκασμένα μιὰ μὲ τὸ γράμμα μου στὸ «Σκρίπ» γιὰ τὸ φίλο δρῶ. Ξέρω πῶς τὸ ἐπιβάλλει ἡ ἀγάπη μου πρὸς τὸν τόπο μου, ποῦ τὸν ἔζησα μικρὸς καὶ τὸν ἀγαπῶ ἀκόμα περισσότερο σήμερα. Ὁ λαὸς τῶν Γαργαλιάνων εἶνε λαὸς τίμιος καὶ ἐργατικός, λαὸς ποῦ ξέρει νὰ θυσιάζεται γιὰ τὴν πατρίδα.

Ἦρθε ὁ καιρὸς ποῦ πρέπει νὰ δείξουμε ὅλοι πὼς εἴμαστε ἄξιοι τῆς ἱστορίας μας. Ὁ Βασιλιᾶς μας εἶνε ἄρρωστος καὶ ὅλη ἡ Ἑλλάδα προσεύχεται γιὰ τὴν ὑγεία του. Ἂς ἑνωθοῦμε λοιπὸν ὅλοι καὶ ἂς ἀφήσουμε κατὰ μέρος τὰ μικροσυμφέροντα καὶ τὰ πάθη. Ἡ πατρίδα μᾶς χρειάζεται.

ΓΑΡΓΑΛΙΑΝΟΙ, 20 Μαΐου. Ἔρχομαι ἀναγκασμένα μιὰ μὲ τὸ γράμμα μου στὸ «Σκρίπ» γιὰ τὸ φίλο δρῶ. Ξέρω πῶς τὸ ἐπιβάλλει ἡ ἀγάπη μου πρὸς τὸν τόπο μου, ποῦ τὸν ἔζησα μικρὸς καὶ τὸν ἀγαπῶ ἀκόμα περισσότερο σήμερα. Ὁ λαὸς τῶν Γαργαλιάνων εἶνε λαὸς τίμιος καὶ ἐργατικός, λαὸς ποῦ ξέρει νὰ θυσιάζεται γιὰ τὴν πατρίδα.

Ἦρθε ὁ καιρὸς ποῦ πρέπει νὰ δείξουμε ὅλοι πὼς εἴμαστε ἄξιοι τῆς ἱστορίας μας. Ὁ Βασιλιᾶς μας εἶνε ἄρρωστος καὶ ὅλη ἡ Ἑλλάδα προσεύχεται γιὰ τὴν ὑγεία του. Ἂς ἑνωθοῦμε λοιπὸν ὅλοι καὶ ἂς ἀφήσουμε κατὰ μέρος τὰ μικροσυμφέροντα καὶ τὰ πάθη. Ἡ πατρίδα μᾶς χρειάζεται.

ΓΑΡΓΑΛΙΑΝΟΙ, 20 Μαΐου. Ἔρχομαι ἀναγκασμένα μιὰ μὲ τὸ γράμμα μου στὸ «Σκρίπ» γιὰ τὸ φίλο δρῶ. Ξέρω πῶς τὸ ἐπιβάλλει ἡ ἀγάπη μου πρὸς τὸν τόπο μου, ποῦ τὸν ἔζησα μικρὸς καὶ τὸν ἀγαπῶ ἀκόμα περισσότερο σήμερα. Ὁ λαὸς τῶν Γαργαλιάνων εἶνε λαὸς τίμιος καὶ ἐργατικός, λαὸς ποῦ ξέρει νὰ θυσιάζεται γιὰ τὴν πατρίδα.

Ἦρθε ὁ καιρὸς ποῦ πρέπει νὰ δείξουμε ὅλοι πὼς εἴμαστε ἄξιοι τῆς ἱστορίας μας. Ὁ Βασιλιᾶς μας εἶνε ἄρρωστος καὶ ὅλη ἡ Ἑλλάδα προσεύχεται γιὰ τὴν ὑγεία του. Ἂς ἑνωθοῦμε λοιπὸν ὅλοι καὶ ἂς ἀφήσουμε κατὰ μέρος τὰ μικροσυμφέροντα καὶ τὰ πάθη. Ἡ πατρίδα μᾶς χρειάζεται.

Ὁ φίλος σου
ΦΙΝΤΙΑΣ
ΕΜΠΟΡΙΚΗ ΤΡΑΠΕΖΑ ΤΗΣ ΕΛΛΑΔΟΣ
ΕΔΡΑ ΕΝ ΑΘΗΝΑΙΣ

Ὑποκαταστήματα Ἐν Πειραιεῖ, Πάτραις, Καλάμαις, Πύργῳ, Αἰγίῳ, Ναυπλίῳ, Ἄργει, Κερκύρᾳ, Κεφαλληνίᾳ, Σάμῳ καὶ Χίῳ.

Ἀντιπρόσωποι: Ἐν ταῖς κυριωτέραις πόλεσι Ἑλλάδος καὶ Ἐξωτερικοῦ.

Ἀγοραπωλησίαι συναλλάγματος, χρυσοῦ καὶ ξένων χαρτονομισμάτων.

Ἐπιταγαὶ ἐπὶ πάσης πόλεως Ἑλλάδος καὶ Ἐξωτερικοῦ.

Τηλεγραφικαὶ πληρωμαὶ ἐπὶ πάσης πόλεως Ἑλλάδος καὶ Ἐξωτερικοῦ.

Πιστωτικαὶ ἐπιστολαὶ ἐπὶ πάσης πόλεως Ἐξωτερικοῦ.

Εἰσπράξεις καὶ ἀντεμβάσματα ἐπὶ πάσης πόλεως Ἑλλάδος καὶ Ἐξωτερικοῦ.

Ἀγορὰ καὶ πώλησις Ἐθνικῶν Δανείων καὶ ἄλλων Χρεωγράφων.

Δάνεια ἐπὶ ἐνεχύρῳ Χρεωγράφων.

Παρακαταθῆκαι καὶ προκαταβολαὶ ἐπὶ φορτωτικῶν.

Καταθέσεις
Διὰ καταθέσεις ἀποδοτέας
εἰς πρώτην ζήτησιν 3 1/2 0/0 ἐτησίως
μετὰ ἓξ μῆνας 4 0/0 ἐτησίως
μετὰ ἓν ἔτος 4 1/2 0/0 ἐτησίως
μετὰ δύο ἔτη 5 0/0 ἐτησίως
μετὰ τρία ἔτη καὶ πλέον 5 1/2 0/0 ἐτησίως
Ταμιευτήριον
4 0/0 ἀπόδοσις εἰς πρώτην ζήτησιν
Ἐξυπηρέτησις πελατείας παντοκοῦ τῆς ὑφηλίου. Πᾶσα ἡ ἀλληλογραφία.
Θυρίδες ἀσφαλείας
Ἐκμισθοῦνται θυρίδες ἀσφαλείας εἰς τιμὰς μετρίας.
